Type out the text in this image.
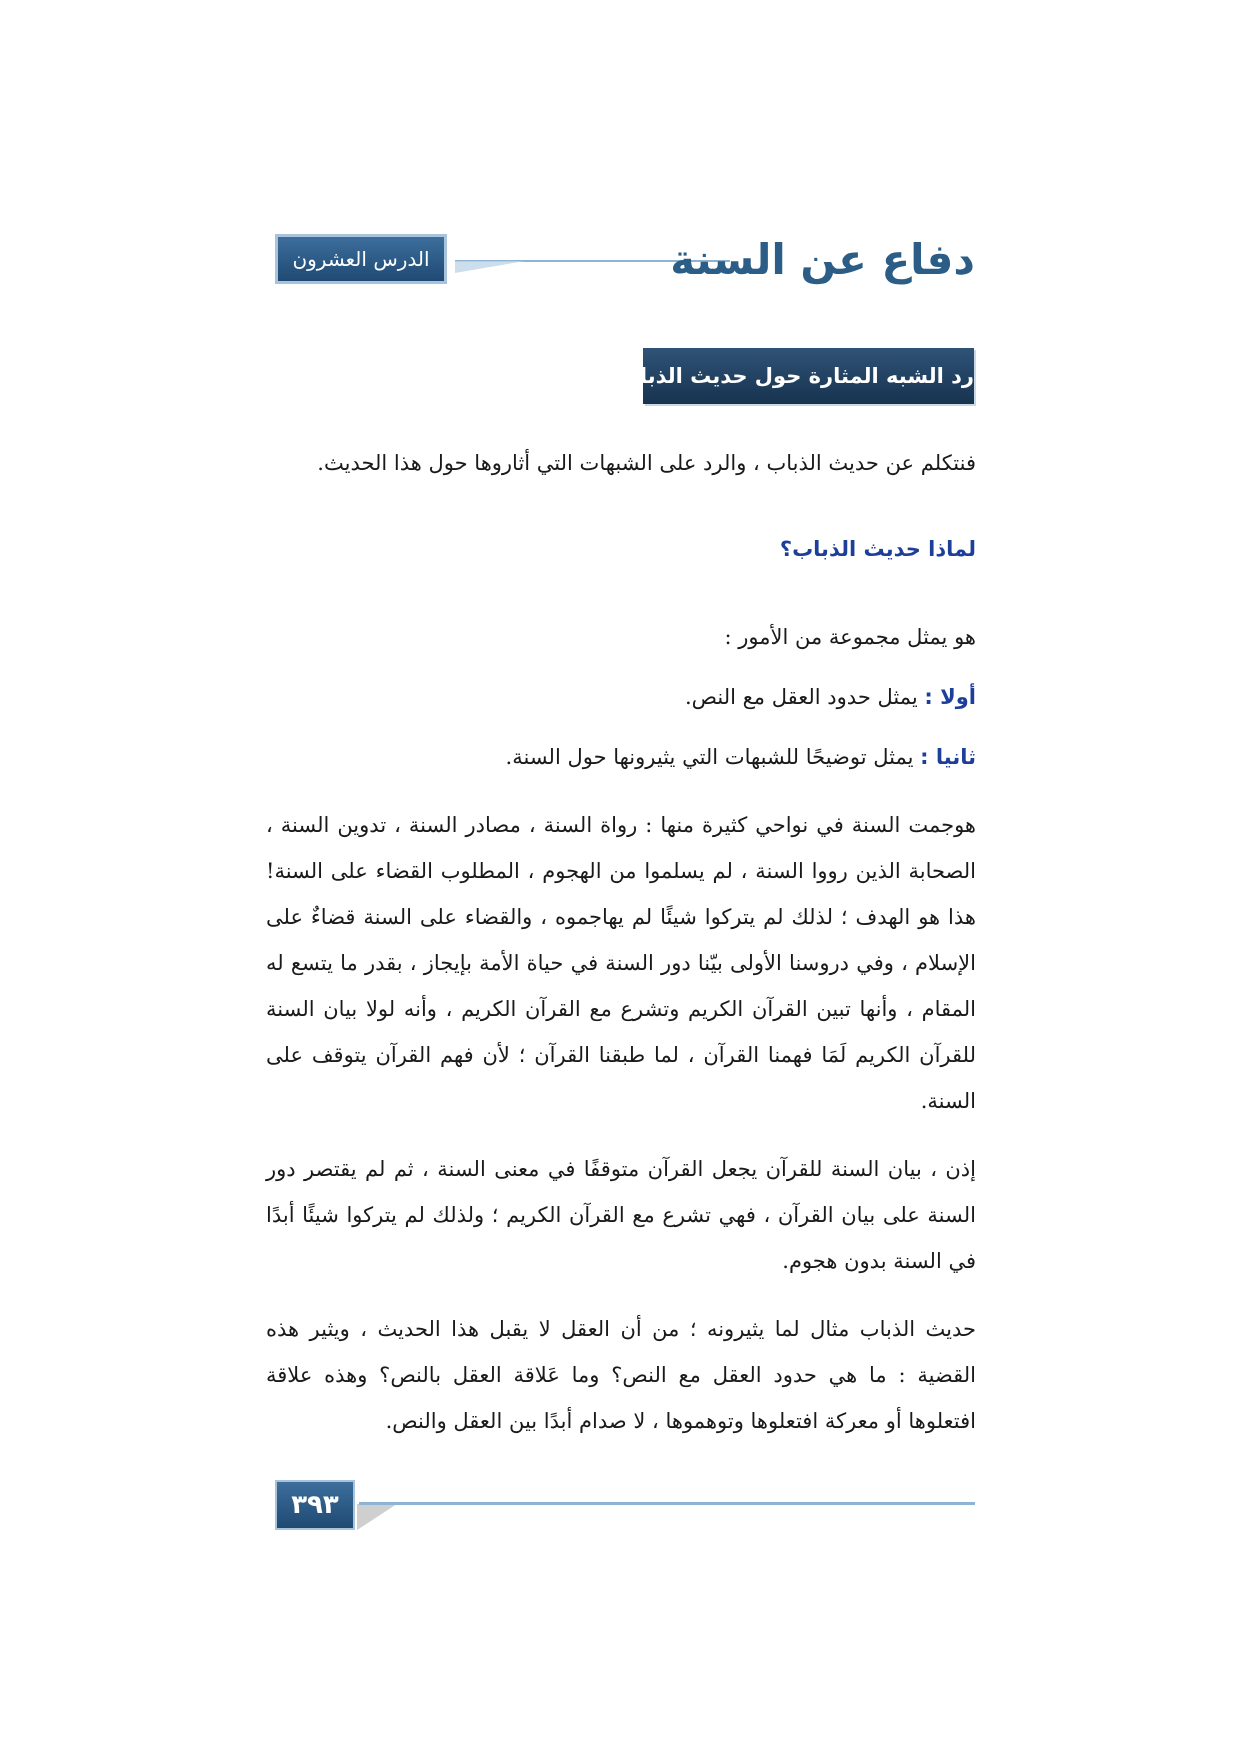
الدرس العشرون	دفاع عن السنة
رد الشبه المثارة حول حديث الذباب

فنتكلم عن حديث الذباب ، والرد على الشبهات التي أثاروها حول هذا الحديث.

لماذا حديث الذباب؟

هو يمثل مجموعة من الأمور :

أولا : يمثل حدود العقل مع النص.

ثانيا : يمثل توضيحًا للشبهات التي يثيرونها حول السنة.

هوجمت السنة في نواحي كثيرة منها : رواة السنة ، مصادر السنة ، تدوين السنة ، الصحابة الذين رووا السنة ، لم يسلموا من الهجوم ، المطلوب القضاء على السنة! هذا هو الهدف ؛ لذلك لم يتركوا شيئًا لم يهاجموه ، والقضاء على السنة قضاءٌ على الإسلام ، وفي دروسنا الأولى بيّنا دور السنة في حياة الأمة بإيجاز ، بقدر ما يتسع له المقام ، وأنها تبين القرآن الكريم وتشرع مع القرآن الكريم ، وأنه لولا بيان السنة للقرآن الكريم لَمَا فهمنا القرآن ، لما طبقنا القرآن ؛ لأن فهم القرآن يتوقف على السنة.

إذن ، بيان السنة للقرآن يجعل القرآن متوقفًا في معنى السنة ، ثم لم يقتصر دور السنة على بيان القرآن ، فهي تشرع مع القرآن الكريم ؛ ولذلك لم يتركوا شيئًا أبدًا في السنة بدون هجوم.

حديث الذباب مثال لما يثيرونه ؛ من أن العقل لا يقبل هذا الحديث ، ويثير هذه القضية : ما هي حدود العقل مع النص؟ وما عَلاقة العقل بالنص؟ وهذه علاقة افتعلوها أو معركة افتعلوها وتوهموها ، لا صدام أبدًا بين العقل والنص.

٣٩٣
